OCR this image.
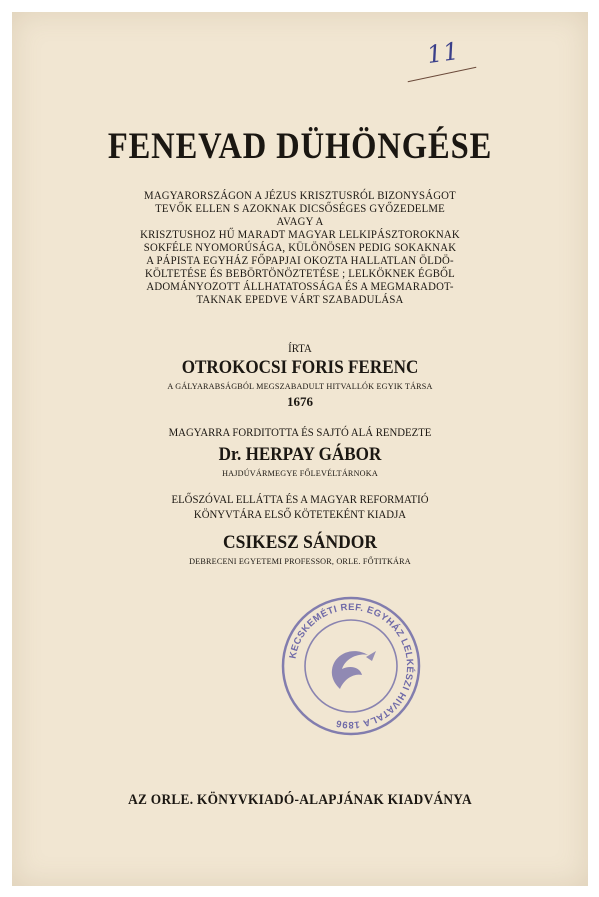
11
FENEVAD DÜHÖNGÉSE
MAGYARORSZÁGON A JÉZUS KRISZTUSRÓL BIZONYSÁGOT
TEVŐK ELLEN S AZOKNAK DICSŐSÉGES GYŐZEDELME
AVAGY A
KRISZTUSHOZ HŰ MARADT MAGYAR LELKIPÁSZTOROKNAK
SOKFÉLE NYOMORÚSÁGA, KÜLÖNÖSEN PEDIG SOKAKNAK
A PÁPISTA EGYHÁZ FŐPAPJAI OKOZTA HALLATLAN ÖLDÖ-
KÖLTETÉSE ÉS BEBÖRTÖNÖZTETÉSE ; LELKÖKNEK ÉGBŐL
ADOMÁNYOZOTT ÁLLHATATOSSÁGA ÉS A MEGMARADOT-
TAKNAK EPEDVE VÁRT SZABADULÁSA
ÍRTA
OTROKOCSI FORIS FERENC
A GÁLYARABSÁGBÓL MEGSZABADULT HITVALLÓK EGYIK TÁRSA
1676
MAGYARRA FORDITOTTA ÉS SAJTÓ ALÁ RENDEZTE
Dr. HERPAY GÁBOR
HAJDÚVÁRMEGYE FŐLEVÉLTÁRNOKA
ELŐSZÓVAL ELLÁTTA ÉS A MAGYAR REFORMATIÓ
KÖNYVTÁRA ELSŐ KÖTETEKÉNT KIADJA
CSIKESZ SÁNDOR
DEBRECENI EGYETEMI PROFESSOR, ORLE. FŐTITKÁRA
KECSKEMÉTI REF. EGYHÁZ LELKÉSZI HIVATALA 1896
AZ ORLE. KÖNYVKIADÓ-ALAPJÁNAK KIADVÁNYA
